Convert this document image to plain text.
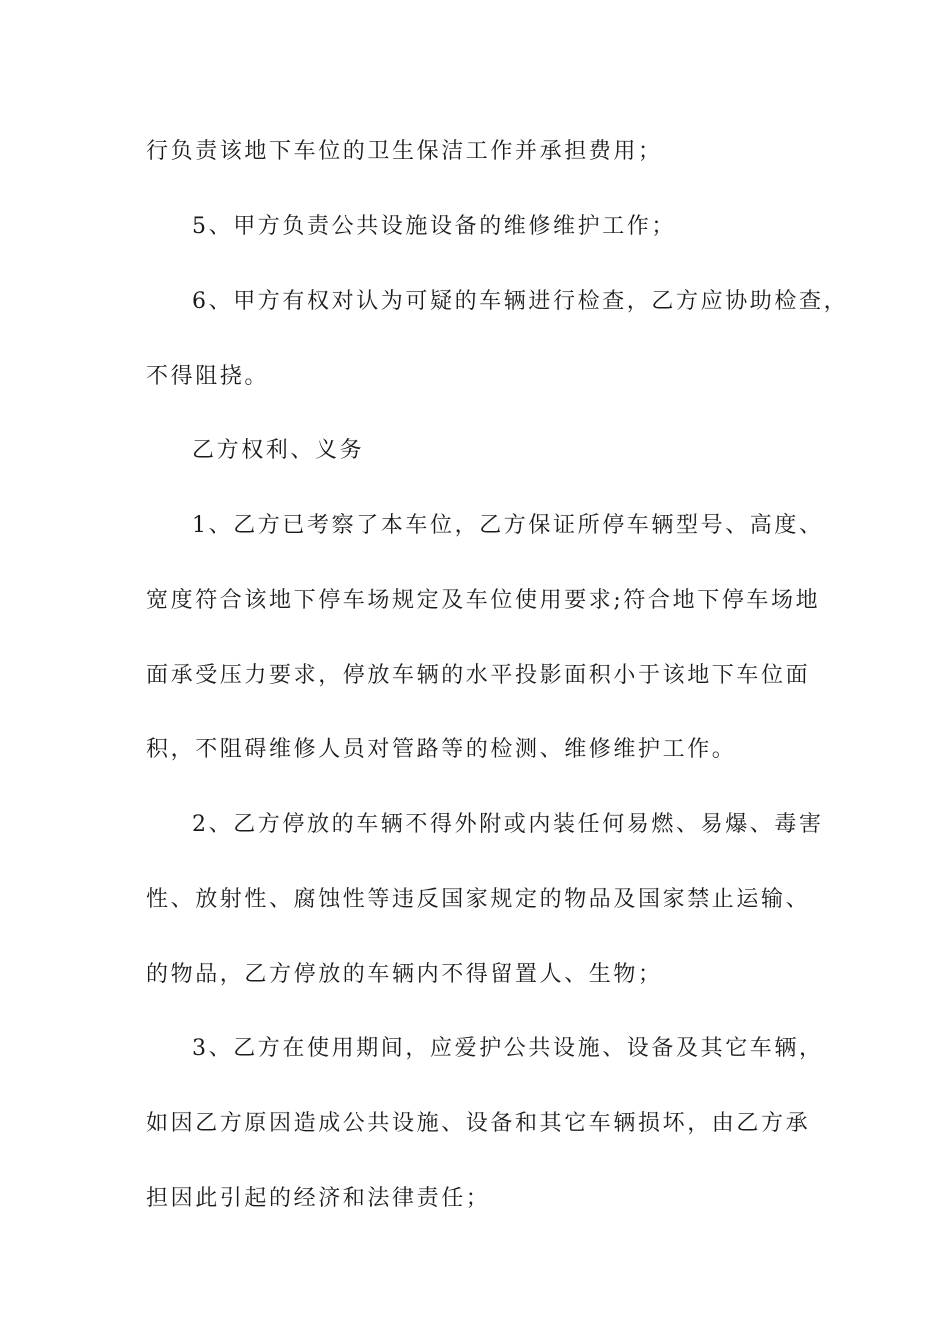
行负责该地下车位的卫生保洁工作并承担费用；
5、甲方负责公共设施设备的维修维护工作；
6、甲方有权对认为可疑的车辆进行检查，乙方应协助检查，
不得阻挠。
乙方权利、义务
1、乙方已考察了本车位，乙方保证所停车辆型号、高度、
宽度符合该地下停车场规定及车位使用要求;符合地下停车场地
面承受压力要求，停放车辆的水平投影面积小于该地下车位面
积，不阻碍维修人员对管路等的检测、维修维护工作。
2、乙方停放的车辆不得外附或内装任何易燃、易爆、毒害
性、放射性、腐蚀性等违反国家规定的物品及国家禁止运输、
的物品，乙方停放的车辆内不得留置人、生物；
3、乙方在使用期间，应爱护公共设施、设备及其它车辆，
如因乙方原因造成公共设施、设备和其它车辆损坏，由乙方承
担因此引起的经济和法律责任；
